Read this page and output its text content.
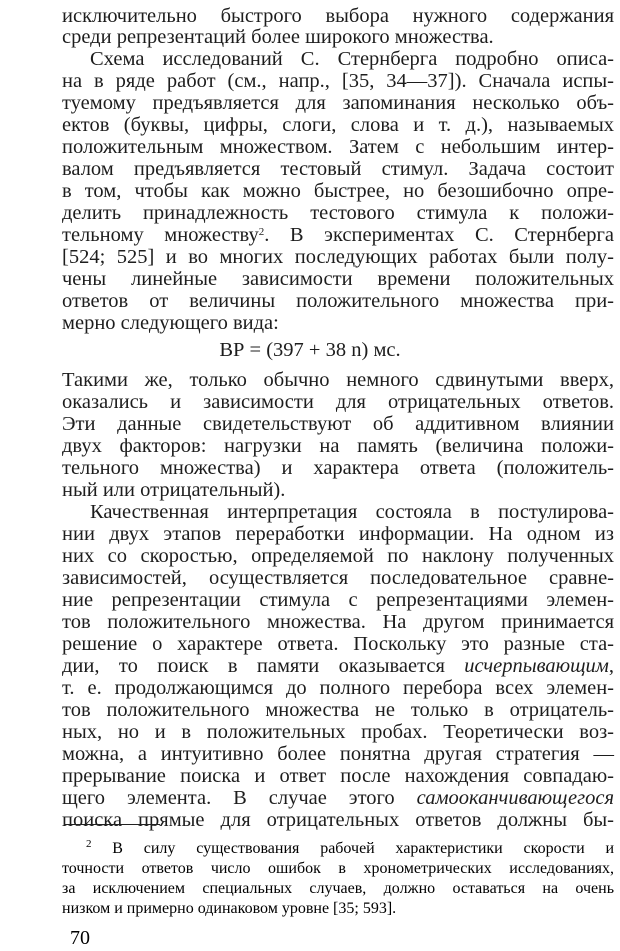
исключительно быстрого выбора нужного содержания
среди репрезентаций более широкого множества.
Схема исследований С. Стернберга подробно описа-
на в ряде работ (см., напр., [35, 34—37]). Сначала испы-
туемому предъявляется для запоминания несколько объ-
ектов (буквы, цифры, слоги, слова и т. д.), называемых
положительным множеством. Затем с небольшим интер-
валом предъявляется тестовый стимул. Задача состоит
в том, чтобы как можно быстрее, но безошибочно опре-
делить принадлежность тестового стимула к положи-
тельному множеству$^2$. В экспериментах С. Стернберга
[524; 525] и во многих последующих работах были полу-
чены линейные зависимости времени положительных
ответов от величины положительного множества при-
мерно следующего вида:
ВР = (397 + 38 n) мс.
Такими же, только обычно немного сдвинутыми вверх,
оказались и зависимости для отрицательных ответов.
Эти данные свидетельствуют об аддитивном влиянии
двух факторов: нагрузки на память (величина положи-
тельного множества) и характера ответа (положитель-
ный или отрицательный).
Качественная интерпретация состояла в постулирова-
нии двух этапов переработки информации. На одном из
них со скоростью, определяемой по наклону полученных
зависимостей, осуществляется последовательное сравне-
ние репрезентации стимула с репрезентациями элемен-
тов положительного множества. На другом принимается
решение о характере ответа. Поскольку это разные ста-
дии, то поиск в памяти оказывается исчерпывающим,
т. е. продолжающимся до полного перебора всех элемен-
тов положительного множества не только в отрицатель-
ных, но и в положительных пробах. Теоретически воз-
можна, а интуитивно более понятна другая стратегия —
прерывание поиска и ответ после нахождения совпадаю-
щего элемента. В случае этого самооканчивающегося
поиска прямые для отрицательных ответов должны бы-
$^2$ В силу существования рабочей характеристики скорости и
точности ответов число ошибок в хронометрических исследованиях,
за исключением специальных случаев, должно оставаться на очень
низком и примерно одинаковом уровне [35; 593].
70
